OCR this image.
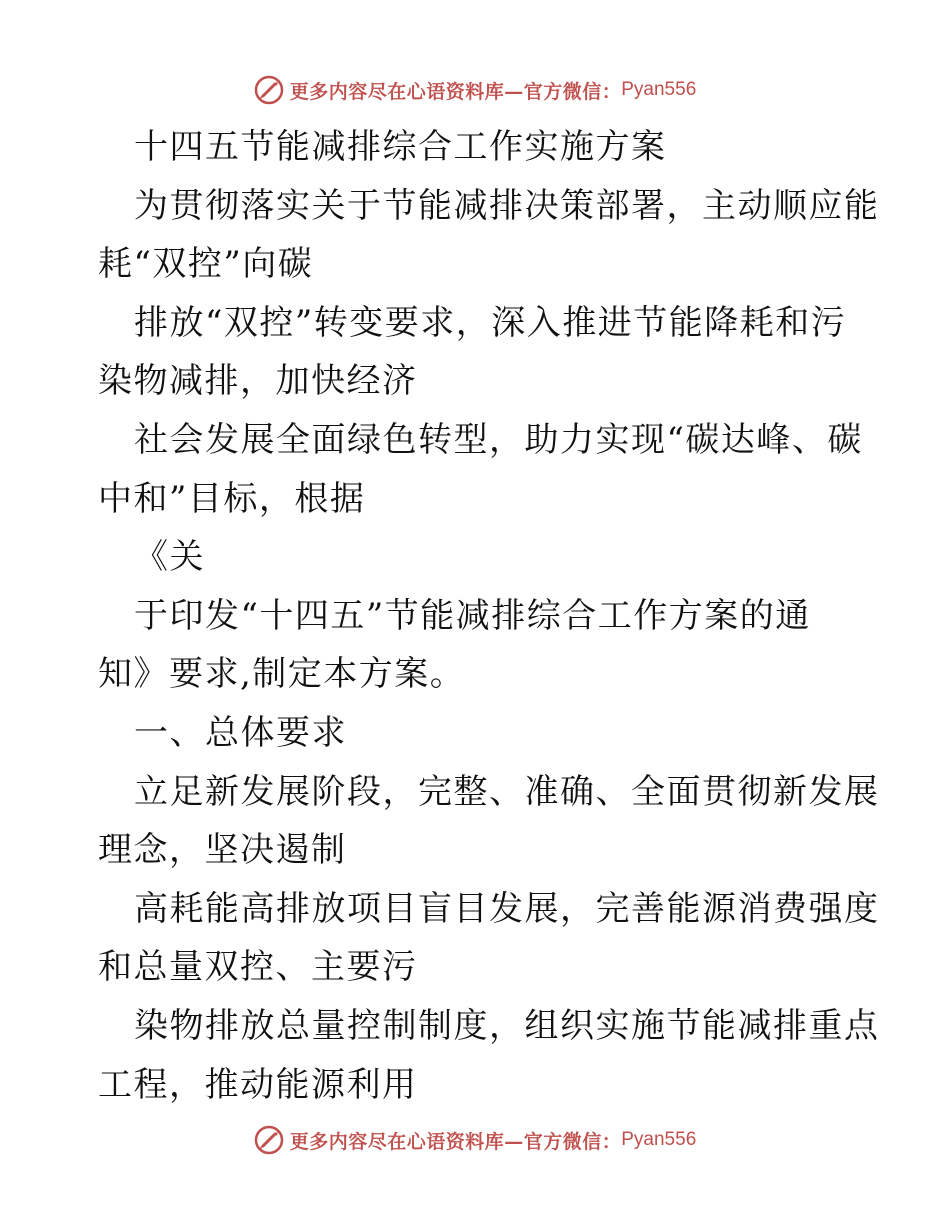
更多内容尽在心语资料库—官方微信： Pyan556
十四五节能减排综合工作实施方案
为贯彻落实关于节能减排决策部署，主动顺应能
耗“双控”向碳
排放“双控”转变要求，深入推进节能降耗和污
染物减排，加快经济
社会发展全面绿色转型，助力实现“碳达峰、碳
中和”目标，根据
《关
于印发“十四五”节能减排综合工作方案的通
知》要求,制定本方案。
一、总体要求
立足新发展阶段，完整、准确、全面贯彻新发展
理念，坚决遏制
高耗能高排放项目盲目发展，完善能源消费强度
和总量双控、主要污
染物排放总量控制制度，组织实施节能减排重点
工程，推动能源利用
更多内容尽在心语资料库—官方微信： Pyan556
